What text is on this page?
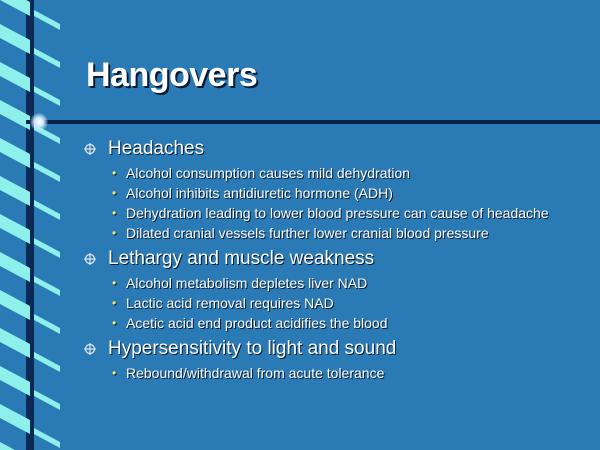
Hangovers
Headaches
• Alcohol consumption causes mild dehydration
• Alcohol inhibits antidiuretic hormone (ADH)
• Dehydration leading to lower blood pressure can cause of headache
• Dilated cranial vessels further lower cranial blood pressure
Lethargy and muscle weakness
• Alcohol metabolism depletes liver NAD
• Lactic acid removal requires NAD
• Acetic acid end product acidifies the blood
Hypersensitivity to light and sound
• Rebound/withdrawal from acute tolerance
